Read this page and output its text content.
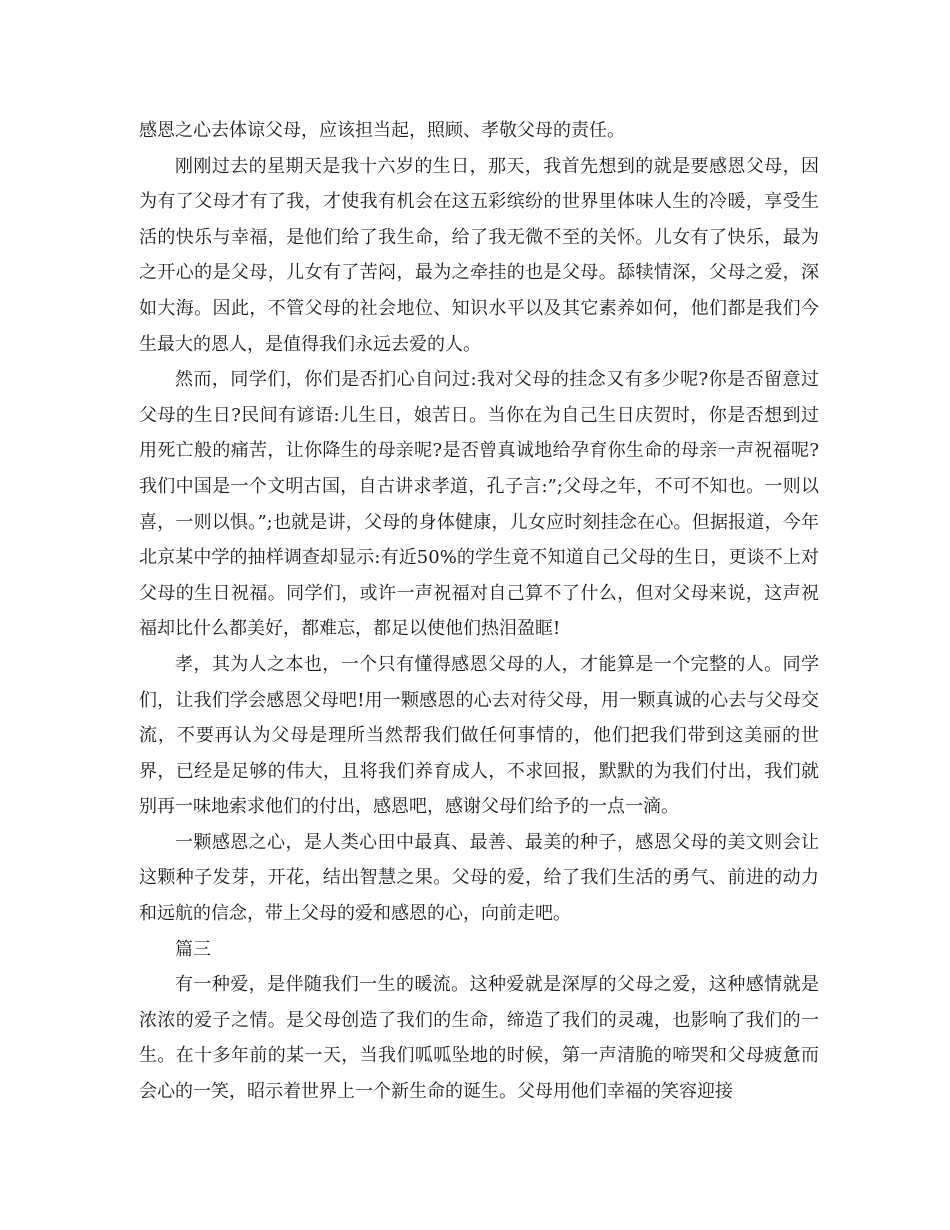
感恩之心去体谅父母，应该担当起，照顾、孝敬父母的责任。

刚刚过去的星期天是我十六岁的生日，那天，我首先想到的就是要感恩父母，因为有了父母才有了我，才使我有机会在这五彩缤纷的世界里体味人生的冷暖，享受生活的快乐与幸福，是他们给了我生命，给了我无微不至的关怀。儿女有了快乐，最为之开心的是父母，儿女有了苦闷，最为之牵挂的也是父母。舔犊情深，父母之爱，深如大海。因此，不管父母的社会地位、知识水平以及其它素养如何，他们都是我们今生最大的恩人，是值得我们永远去爱的人。

然而，同学们，你们是否扪心自问过:我对父母的挂念又有多少呢?你是否留意过父母的生日?民间有谚语:儿生日，娘苦日。当你在为自己生日庆贺时，你是否想到过用死亡般的痛苦，让你降生的母亲呢?是否曾真诚地给孕育你生命的母亲一声祝福呢?我们中国是一个文明古国，自古讲求孝道，孔子言:”;父母之年，不可不知也。一则以喜，一则以惧。”;也就是讲，父母的身体健康，儿女应时刻挂念在心。但据报道，今年北京某中学的抽样调查却显示:有近50%的学生竟不知道自己父母的生日，更谈不上对父母的生日祝福。同学们，或许一声祝福对自己算不了什么，但对父母来说，这声祝福却比什么都美好，都难忘，都足以使他们热泪盈眶!

孝，其为人之本也，一个只有懂得感恩父母的人，才能算是一个完整的人。同学们，让我们学会感恩父母吧!用一颗感恩的心去对待父母，用一颗真诚的心去与父母交流，不要再认为父母是理所当然帮我们做任何事情的，他们把我们带到这美丽的世界，已经是足够的伟大，且将我们养育成人，不求回报，默默的为我们付出，我们就别再一味地索求他们的付出，感恩吧，感谢父母们给予的一点一滴。

一颗感恩之心，是人类心田中最真、最善、最美的种子，感恩父母的美文则会让这颗种子发芽，开花，结出智慧之果。父母的爱，给了我们生活的勇气、前进的动力和远航的信念，带上父母的爱和感恩的心，向前走吧。

篇三

有一种爱，是伴随我们一生的暖流。这种爱就是深厚的父母之爱，这种感情就是浓浓的爱子之情。是父母创造了我们的生命，缔造了我们的灵魂，也影响了我们的一生。在十多年前的某一天，当我们呱呱坠地的时候，第一声清脆的啼哭和父母疲惫而会心的一笑，昭示着世界上一个新生命的诞生。父母用他们幸福的笑容迎接
